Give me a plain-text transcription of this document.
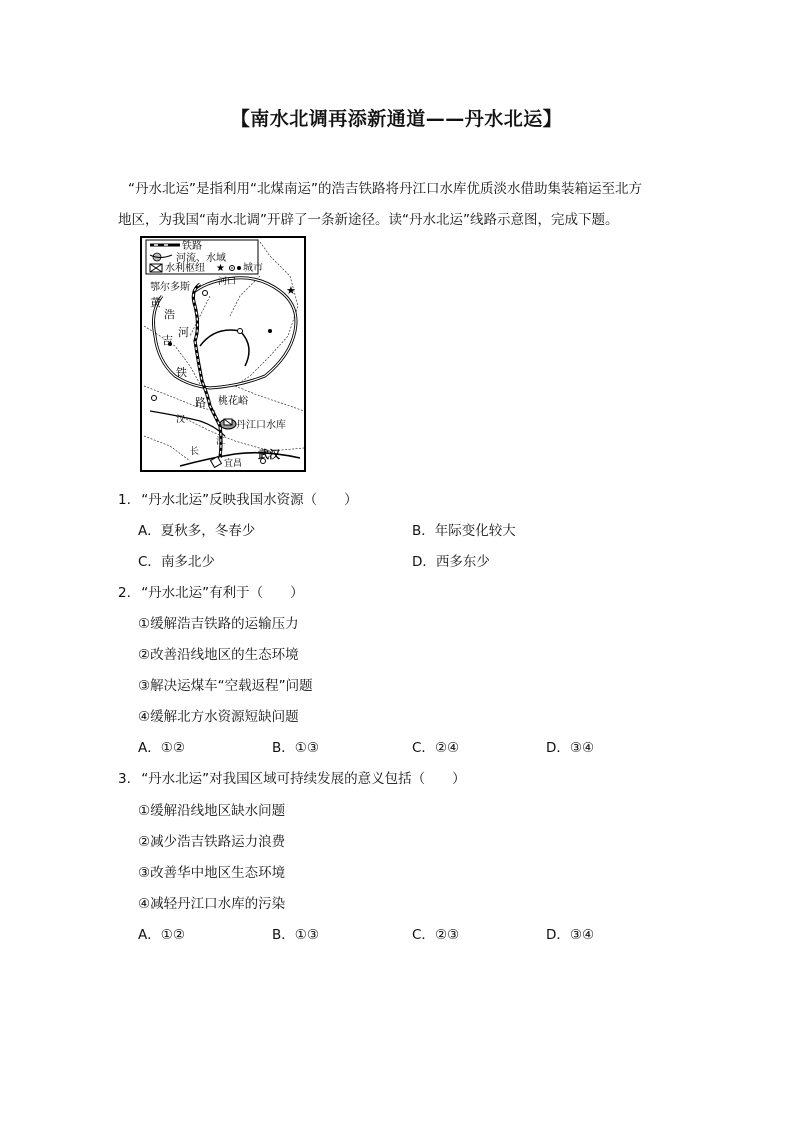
【南水北调再添新通道——丹水北运】
“丹水北运”是指利用“北煤南运”的浩吉铁路将丹江口水库优质淡水借助集装箱运至北方
地区，为我国“南水北调”开辟了一条新途径。读“丹水北运”线路示意图，完成下题。
铁路
河流、水域
水利枢纽 ★ 城市
★
鄂尔多斯	河口
黄
浩
吉
河
铁
路 桃花峪
汉
江
丹江口水库
长
宜昌
武汉
1. “丹水北运”反映我国水资源（　　）
A．夏秋多，冬春少	B．年际变化较大
C．南多北少	D．西多东少
2. “丹水北运”有利于（　　）
①缓解浩吉铁路的运输压力
②改善沿线地区的生态环境
③解决运煤车“空载返程”问题
④缓解北方水资源短缺问题
A．①②	B．①③	C．②④	D．③④
3. “丹水北运”对我国区域可持续发展的意义包括（　　）
①缓解沿线地区缺水问题
②减少浩吉铁路运力浪费
③改善华中地区生态环境
④减轻丹江口水库的污染
A．①②	B．①③	C．②③	D．③④
